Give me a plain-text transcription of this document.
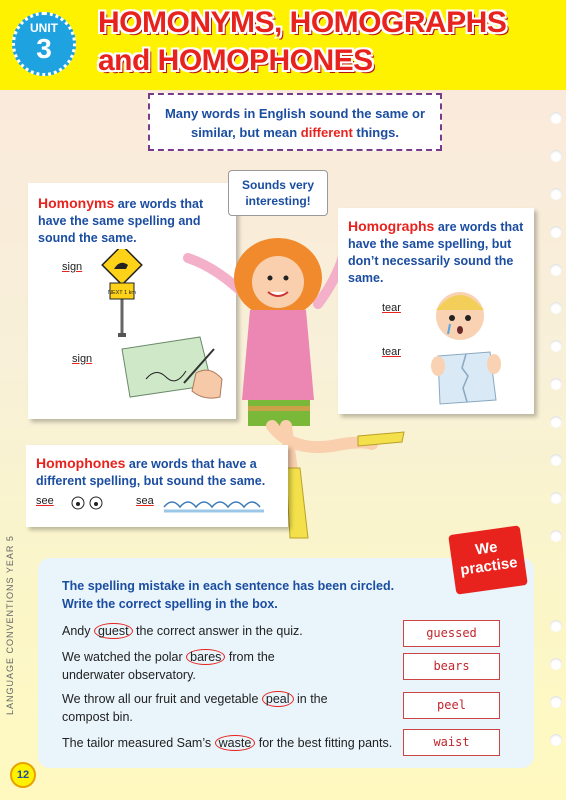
UNIT
3
HOMONYMS, HOMOGRAPHS
and HOMOPHONES
Many words in English sound the same or
similar, but mean different things.
Homonyms are words that
have the same spelling and
sound the same.
sign
NEXT 1 km
sign
Sounds very
interesting!
Homographs are words that
have the same spelling, but
don’t necessarily sound the
same.
tear
tear
Homophones are words that have a
different spelling, but sound the same.
see	sea
We
practise
The spelling mistake in each sentence has been circled.
Write the correct spelling in the box.
Andy guest the correct answer in the quiz.	guessed
We watched the polar bares from the
underwater observatory.
bears
We throw all our fruit and vegetable peal in the
compost bin.
peel
The tailor measured Sam’s waste for the best fitting pants.	waist
LANGUAGE CONVENTIONS YEAR 5
12
